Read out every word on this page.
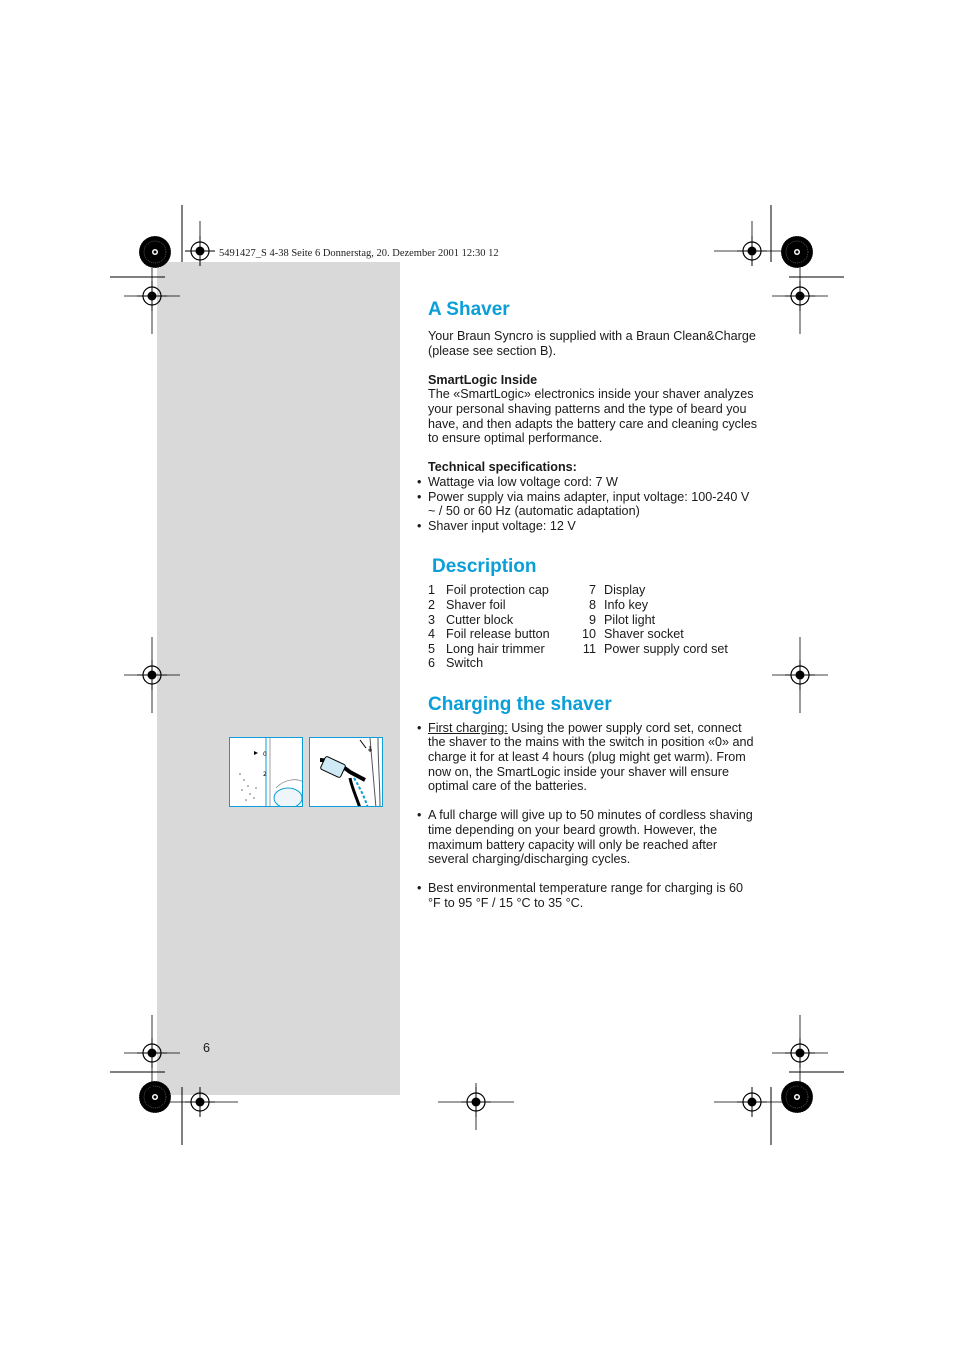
5491427_S 4-38 Seite 6 Donnerstag, 20. Dezember 2001 12:30 12
0
2
A Shaver

Your Braun Syncro is supplied with a Braun Clean&Charge (please see section B).

SmartLogic Inside

The «SmartLogic» electronics inside your shaver analyzes your personal shaving patterns and the type of beard you have, and then adapts the battery care and cleaning cycles to ensure optimal performance.

Technical specifications:

• Wattage via low voltage cord: 7 W
• Power supply via mains adapter, input voltage: 100-240 V ~ / 50 or 60 Hz (automatic adaptation)
• Shaver input voltage: 12 V
Description
1 Foil protection cap	7 Display
2 Shaver foil	8 Info key
3 Cutter block	9 Pilot light
4 Foil release button	10 Shaver socket
5 Long hair trimmer	11 Power supply cord set
6 Switch
Charging the shaver
• First charging: Using the power supply cord set, connect the shaver to the mains with the switch in position «0» and charge it for at least 4 hours (plug might get warm). From now on, the SmartLogic inside your shaver will ensure optimal care of the batteries.
• A full charge will give up to 50 minutes of cordless shaving time depending on your beard growth. However, the maximum battery capacity will only be reached after several charging/discharging cycles.
• Best environmental temperature range for charging is 60 °F to 95 °F / 15 °C to 35 °C.
6
